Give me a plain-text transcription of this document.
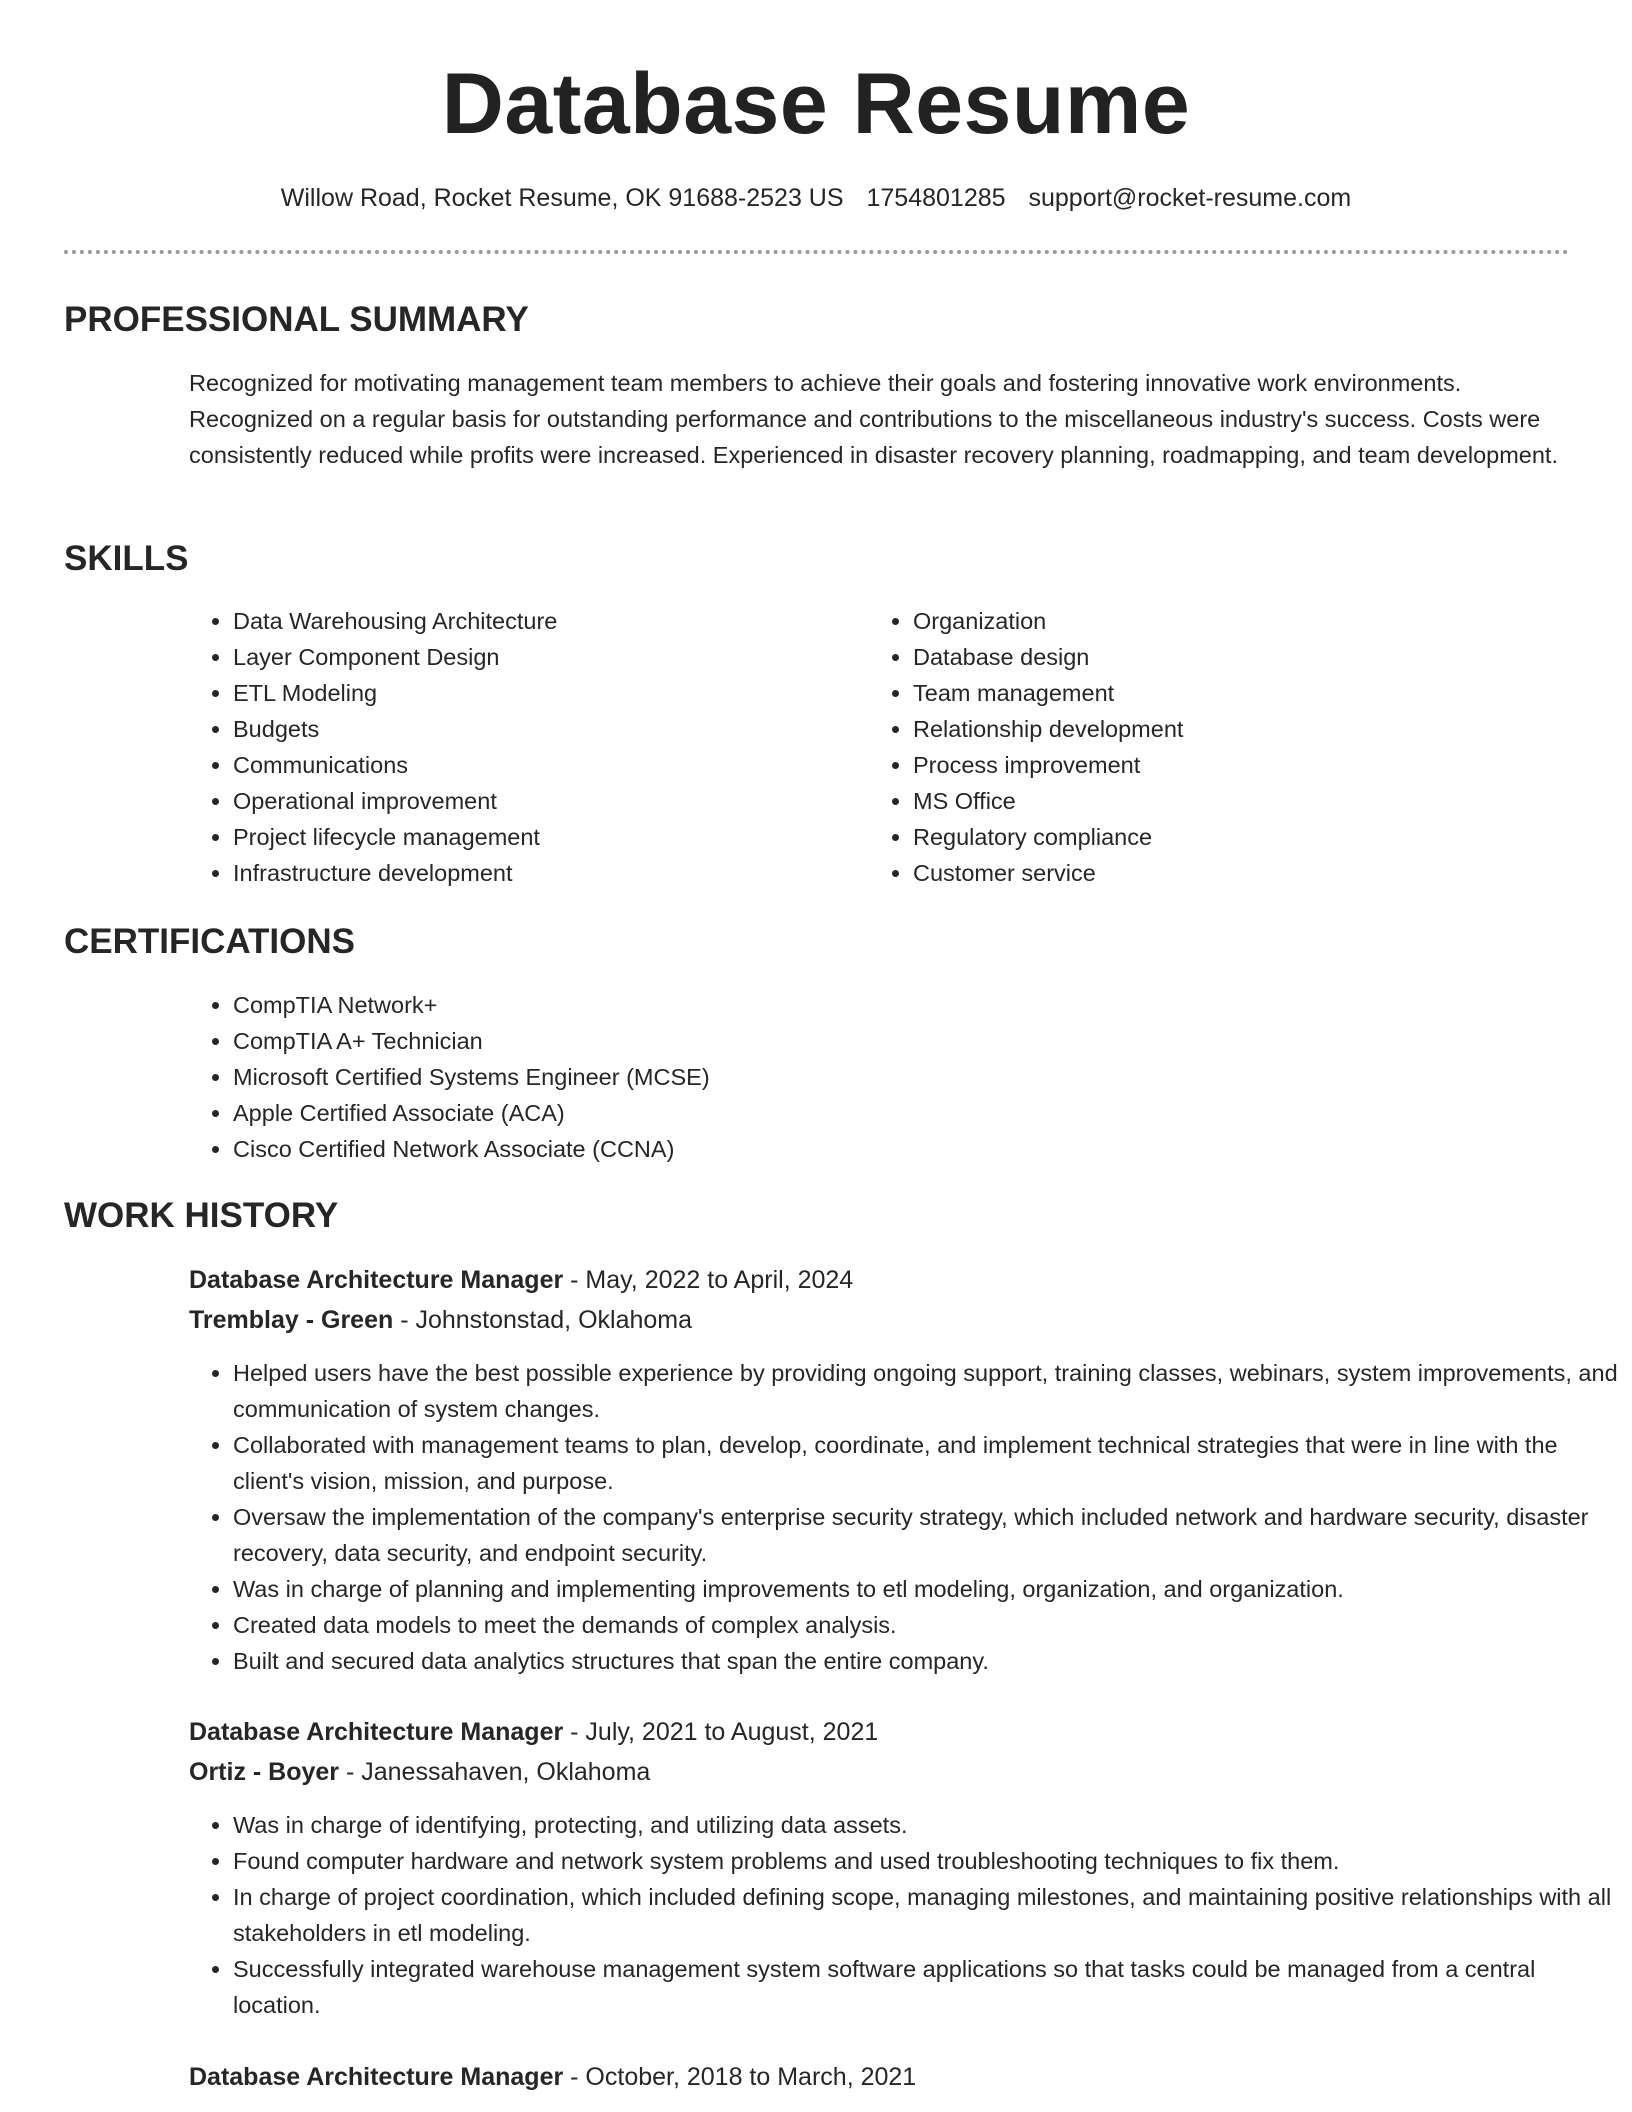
Database Resume
Willow Road, Rocket Resume, OK 91688-2523 US 1754801285 support@rocket-resume.com
PROFESSIONAL SUMMARY

Recognized for motivating management team members to achieve their goals and fostering innovative work environments. Recognized on a regular basis for outstanding performance and contributions to the miscellaneous industry's success. Costs were consistently reduced while profits were increased. Experienced in disaster recovery planning, roadmapping, and team development.

SKILLS
• Data Warehousing Architecture
• Layer Component Design
• ETL Modeling
• Budgets
• Communications
• Operational improvement
• Project lifecycle management
• Infrastructure development
• Organization
• Database design
• Team management
• Relationship development
• Process improvement
• MS Office
• Regulatory compliance
• Customer service
CERTIFICATIONS
• CompTIA Network+
• CompTIA A+ Technician
• Microsoft Certified Systems Engineer (MCSE)
• Apple Certified Associate (ACA)
• Cisco Certified Network Associate (CCNA)
WORK HISTORY
Database Architecture Manager - May, 2022 to April, 2024
Tremblay - Green - Johnstonstad, Oklahoma
• Helped users have the best possible experience by providing ongoing support, training classes, webinars, system improvements, and communication of system changes.
• Collaborated with management teams to plan, develop, coordinate, and implement technical strategies that were in line with the client's vision, mission, and purpose.
• Oversaw the implementation of the company's enterprise security strategy, which included network and hardware security, disaster recovery, data security, and endpoint security.
• Was in charge of planning and implementing improvements to etl modeling, organization, and organization.
• Created data models to meet the demands of complex analysis.
• Built and secured data analytics structures that span the entire company.
Database Architecture Manager - July, 2021 to August, 2021
Ortiz - Boyer - Janessahaven, Oklahoma
• Was in charge of identifying, protecting, and utilizing data assets.
• Found computer hardware and network system problems and used troubleshooting techniques to fix them.
• In charge of project coordination, which included defining scope, managing milestones, and maintaining positive relationships with all stakeholders in etl modeling.
• Successfully integrated warehouse management system software applications so that tasks could be managed from a central location.
Database Architecture Manager - October, 2018 to March, 2021
